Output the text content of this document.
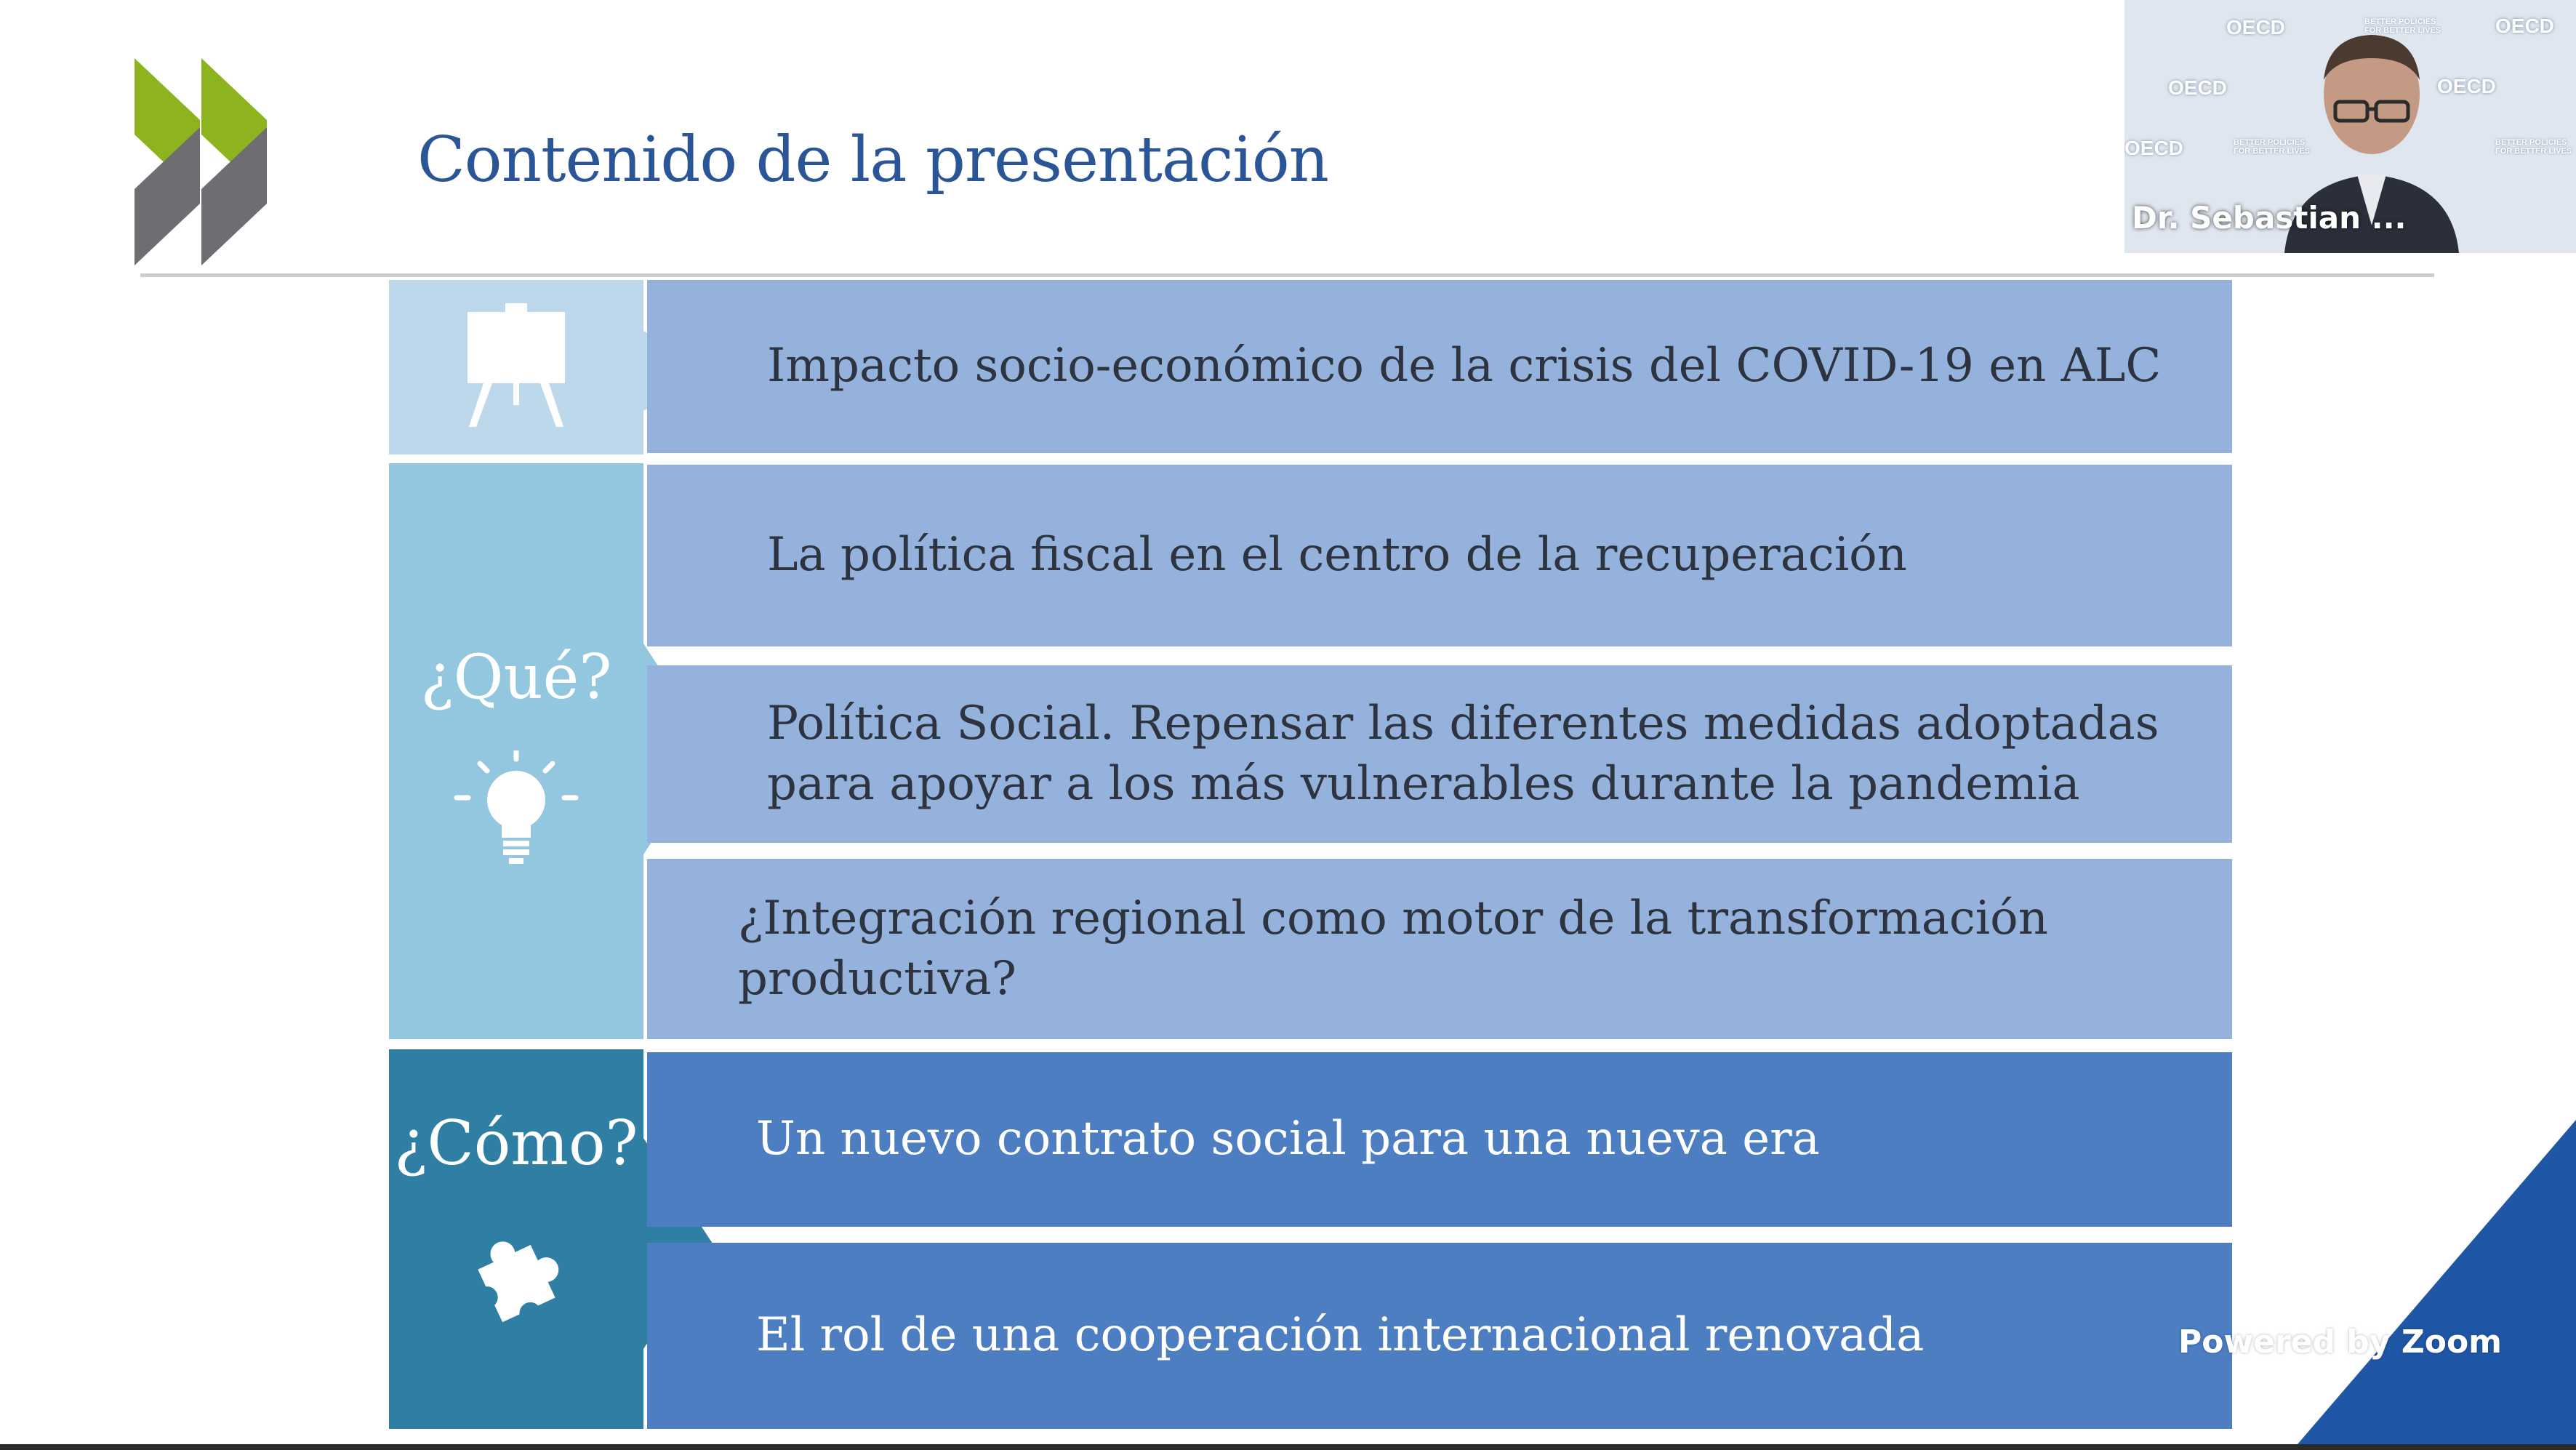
Contenido de la presentación
¿Qué?
¿Cómo?
Impacto socio-económico de la crisis del COVID-19 en ALC
La política fiscal en el centro de la recuperación
Política Social. Repensar las diferentes medidas adoptadas para apoyar a los más vulnerables durante la pandemia
¿Integración regional como motor de la transformación productiva?
Un nuevo contrato social para una nueva era
El rol de una cooperación internacional renovada
OECD	OECD
OECD	OECD
OECD
BETTER POLICIES FOR BETTER LIVES
BETTER POLICIES FOR BETTER LIVES
BETTER POLICIES FOR BETTER LIVES
Dr. Sebastian ...
Powered by Zoom
